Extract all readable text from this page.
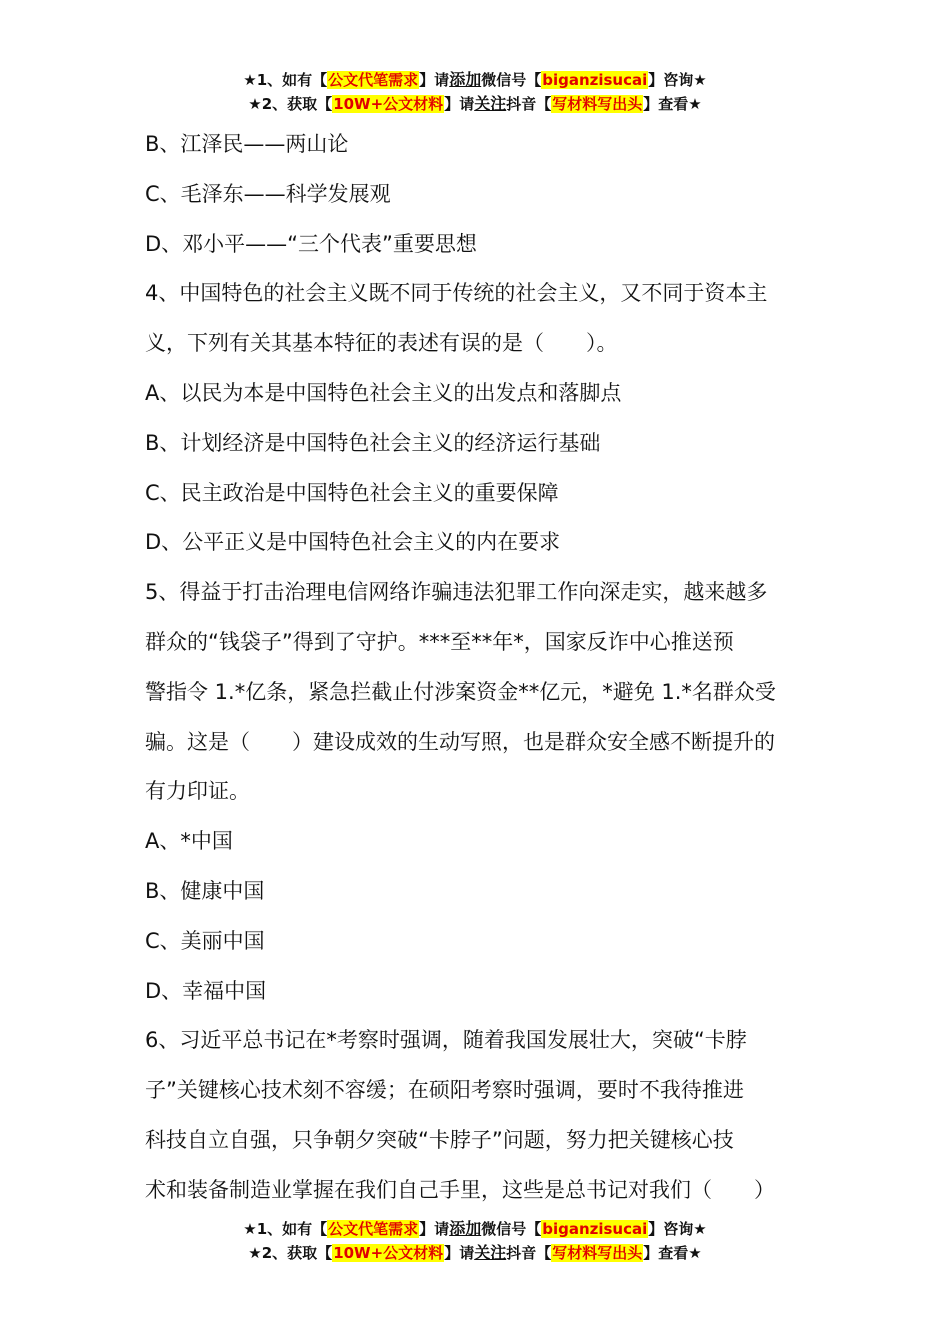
★1、如有【公文代笔需求】请添加微信号【biganzisucai】咨询★
★2、获取【10W+公文材料】请关注抖音【写材料写出头】查看★
B、江泽民——两山论
C、毛泽东——科学发展观
D、邓小平——“三个代表”重要思想
4、中国特色的社会主义既不同于传统的社会主义，又不同于资本主
义，下列有关其基本特征的表述有误的是（　　）。
A、以民为本是中国特色社会主义的出发点和落脚点
B、计划经济是中国特色社会主义的经济运行基础
C、民主政治是中国特色社会主义的重要保障
D、公平正义是中国特色社会主义的内在要求
5、得益于打击治理电信网络诈骗违法犯罪工作向深走实，越来越多
群众的“钱袋子”得到了守护。***至**年*，国家反诈中心推送预
警指令 1.*亿条，紧急拦截止付涉案资金**亿元，*避免 1.*名群众受
骗。这是（　　）建设成效的生动写照，也是群众安全感不断提升的
有力印证。
A、*中国
B、健康中国
C、美丽中国
D、幸福中国
6、习近平总书记在*考察时强调，随着我国发展壮大，突破“卡脖
子”关键核心技术刻不容缓；在硕阳考察时强调，要时不我待推进
科技自立自强，只争朝夕突破“卡脖子”问题，努力把关键核心技
术和装备制造业掌握在我们自己手里，这些是总书记对我们（　　）
★1、如有【公文代笔需求】请添加微信号【biganzisucai】咨询★
★2、获取【10W+公文材料】请关注抖音【写材料写出头】查看★
